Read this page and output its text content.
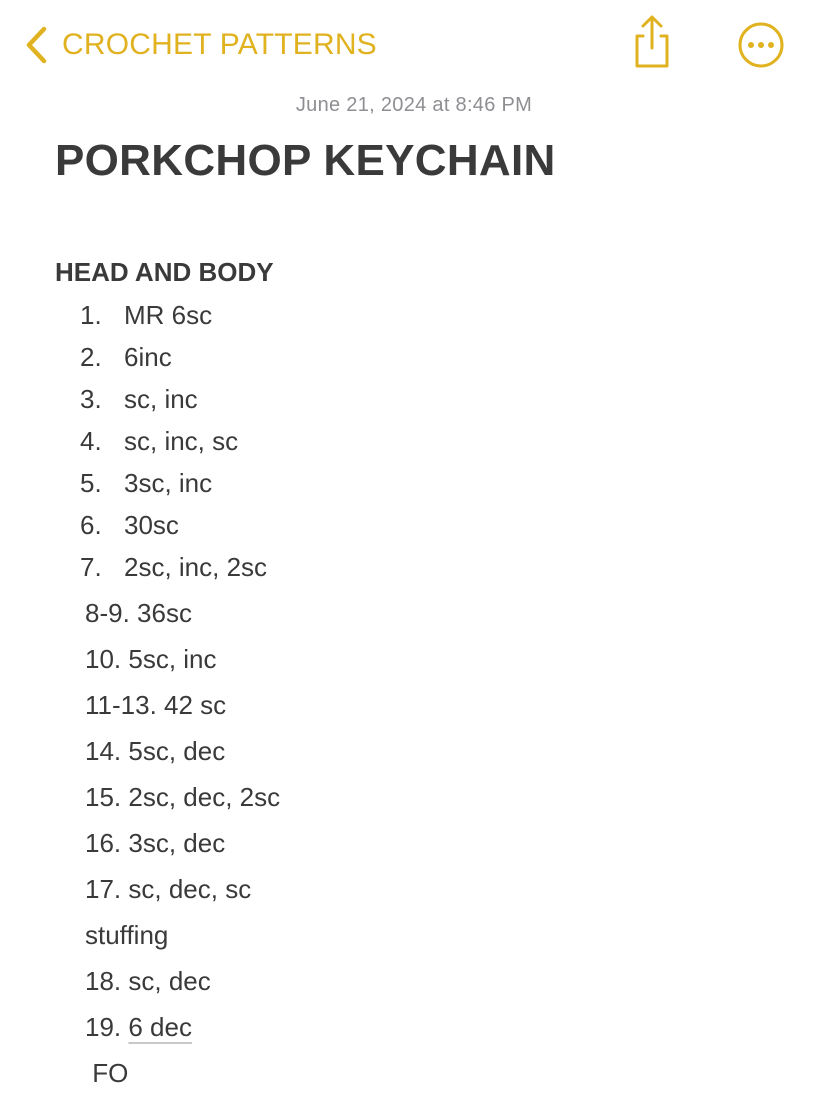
CROCHET PATTERNS
June 21, 2024 at 8:46 PM
PORKCHOP KEYCHAIN
HEAD AND BODY
1. MR 6sc
2. 6inc
3. sc, inc
4. sc, inc, sc
5. 3sc, inc
6. 30sc
7. 2sc, inc, 2sc
8-9. 36sc
10. 5sc, inc
11-13. 42 sc
14. 5sc, dec
15. 2sc, dec, 2sc
16. 3sc, dec
17. sc, dec, sc
stuffing
18. sc, dec
19. 6 dec
FO
